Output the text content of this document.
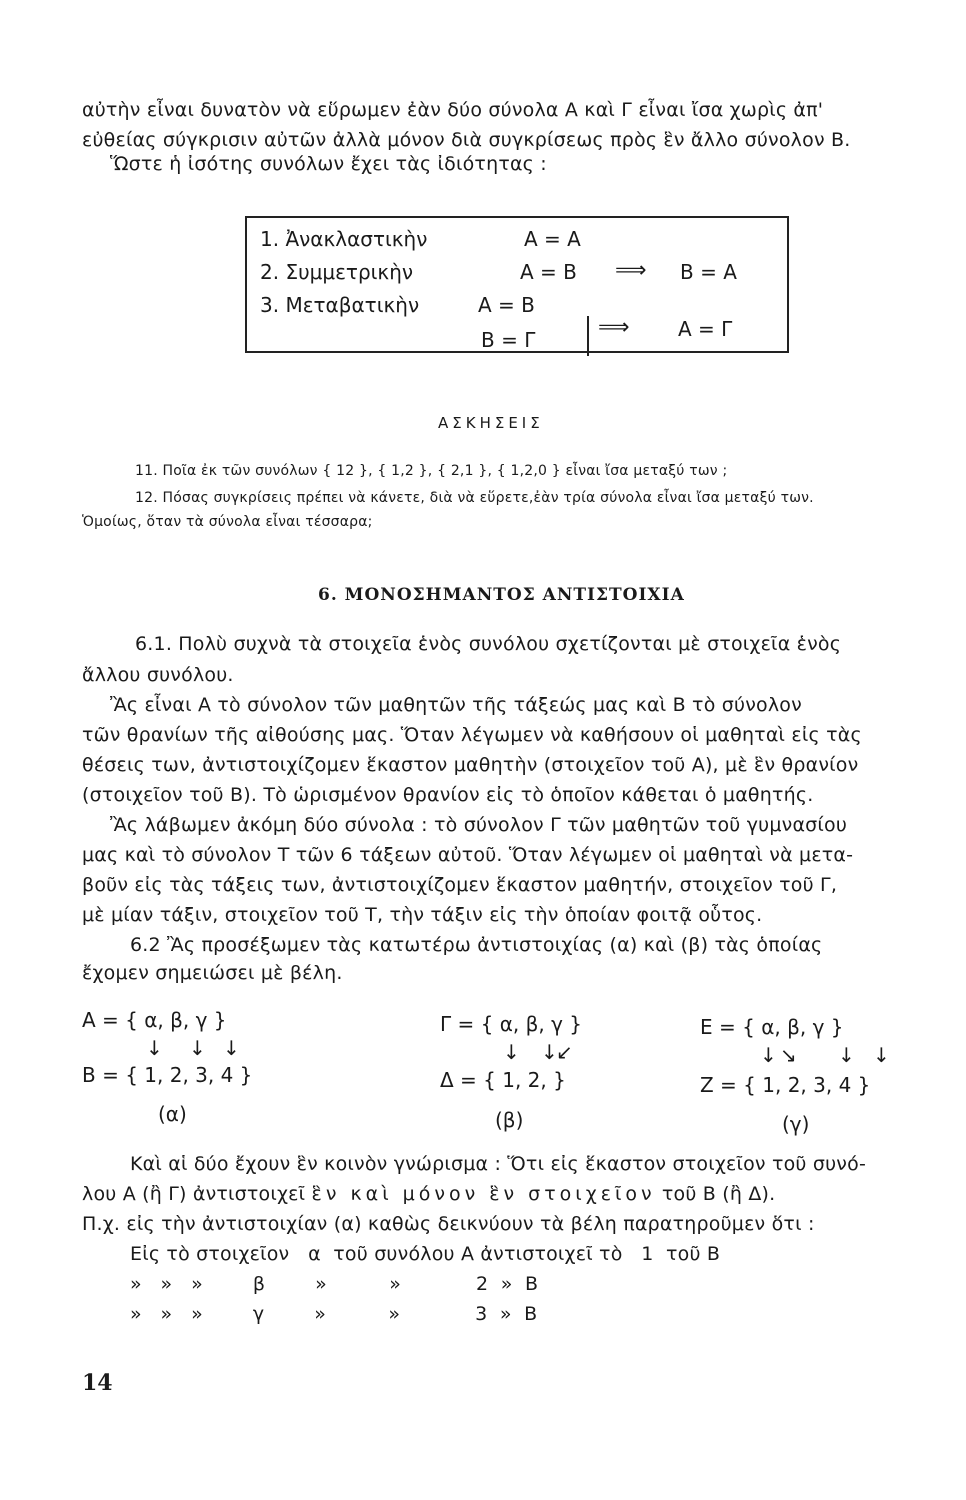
αὐτὴν εἶναι δυνατὸν νὰ εὕρωμεν ἐὰν δύο σύνολα Α καὶ Γ εἶναι ἴσα χωρὶς ἀπ'
εὐθείας σύγκρισιν αὐτῶν ἀλλὰ μόνον διὰ συγκρίσεως πρὸς ἓν ἄλλο σύνολον Β.
Ὥστε ἡ ἰσότης συνόλων ἔχει τὰς ἰδιότητας :
1. Ἀνακλαστικὴν	Α = Α
2. Συμμετρικὴν	Α = Β ⟹ Β = Α
3. Μεταβατικὴν	Α = Β
Β = Γ	⟹ Α = Γ
ΑΣΚΗΣΕΙΣ
11. Ποῖα ἐκ τῶν συνόλων { 12 }, { 1,2 }, { 2,1 }, { 1,2,0 } εἶναι ἴσα μεταξύ των ;
12. Πόσας συγκρίσεις πρέπει νὰ κάνετε, διὰ νὰ εὕρετε,ἐὰν τρία σύνολα εἶναι ἴσα μεταξύ των.
Ὁμοίως, ὅταν τὰ σύνολα εἶναι τέσσαρα;
6. ΜΟΝΟΣΗΜΑΝΤΟΣ ΑΝΤΙΣΤΟΙΧΙΑ
6.1. Πολὺ συχνὰ τὰ στοιχεῖα ἑνὸς συνόλου σχετίζονται μὲ στοιχεῖα ἑνὸς
ἄλλου συνόλου.
Ἂς εἶναι Α τὸ σύνολον τῶν μαθητῶν τῆς τάξεώς μας καὶ Β τὸ σύνολον
τῶν θρανίων τῆς αἰθούσης μας. Ὅταν λέγωμεν νὰ καθήσουν οἱ μαθηταὶ εἰς τὰς
θέσεις των, ἀντιστοιχίζομεν ἕκαστον μαθητὴν (στοιχεῖον τοῦ Α), μὲ ἓν θρανίον
(στοιχεῖον τοῦ Β). Τὸ ὡρισμένον θρανίον εἰς τὸ ὁποῖον κάθεται ὁ μαθητής.
Ἂς λάβωμεν ἀκόμη δύο σύνολα : τὸ σύνολον Γ τῶν μαθητῶν τοῦ γυμνασίου
μας καὶ τὸ σύνολον Τ τῶν 6 τάξεων αὐτοῦ. Ὅταν λέγωμεν οἱ μαθηταὶ νὰ μετα-
βοῦν εἰς τὰς τάξεις των, ἀντιστοιχίζομεν ἕκαστον μαθητήν, στοιχεῖον τοῦ Γ,
μὲ μίαν τάξιν, στοιχεῖον τοῦ Τ, τὴν τάξιν εἰς τὴν ὁποίαν φοιτᾷ οὗτος.
6.2 Ἂς προσέξωμεν τὰς κατωτέρω ἀντιστοιχίας (α) καὶ (β) τὰς ὁποίας
ἔχομεν σημειώσει μὲ βέλη.
Α = { α, β, γ }
↓ ↓ ↓
Β = { 1, 2, 3, 4 }
(α)
Γ = { α, β, γ }
↓ ↓
↙
Δ = { 1, 2, }
(β)
Ε = { α, β, γ }
↓ ↘ ↓ ↓
Ζ = { 1, 2, 3, 4 }
(γ)
Καὶ αἱ δύο ἔχουν ἓν κοινὸν γνώρισμα : Ὅτι εἰς ἕκαστον στοιχεῖον τοῦ συνό-
λου Α (ἢ Γ) ἀντιστοιχεῖ ἓν καὶ μόνον ἓν στοιχεῖον τοῦ Β (ἢ Δ).
Π.χ. εἰς τὴν ἀντιστοιχίαν (α) καθὼς δεικνύουν τὰ βέλη παρατηροῦμεν ὅτι :
Εἰς τὸ στοιχεῖον   α  τοῦ συνόλου Α ἀντιστοιχεῖ τὸ   1  τοῦ Β
»   »   »        β        »          »            2  »  Β
»   »   »        γ        »          »            3  »  Β
14
